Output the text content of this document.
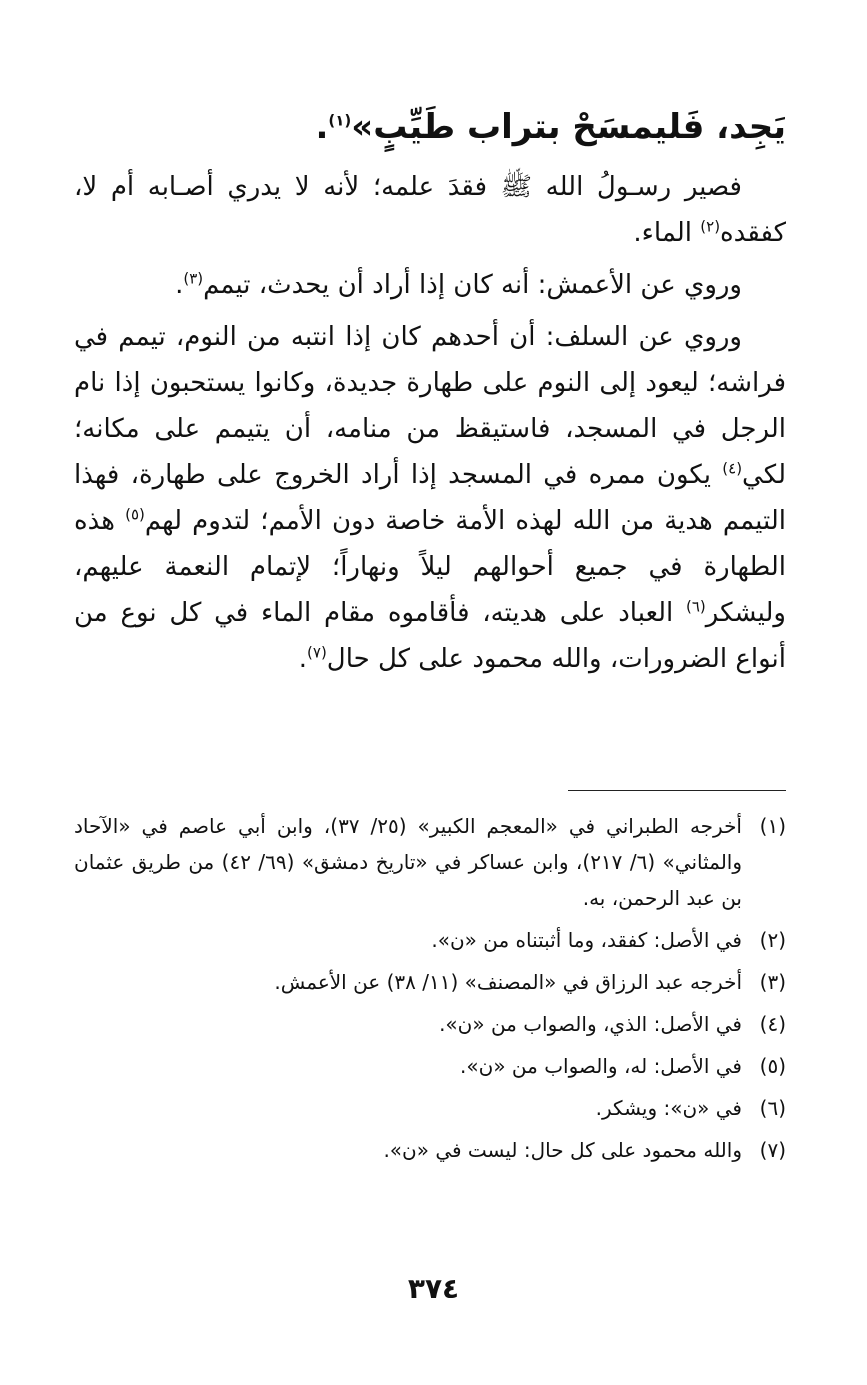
يَجِد، فَليمسَحْ بتراب طَيِّبٍ»$^{(١)}$.

فصير رسـولُ الله ﷺ فقدَ علمه؛ لأنه لا يدري أصـابه أم لا، كفقده$^{(٢)}$ الماء.

وروي عن الأعمش: أنه كان إذا أراد أن يحدث، تيمم$^{(٣)}$.

وروي عن السلف: أن أحدهم كان إذا انتبه من النوم، تيمم في فراشه؛ ليعود إلى النوم على طهارة جديدة، وكانوا يستحبون إذا نام الرجل في المسجد، فاستيقظ من منامه، أن يتيمم على مكانه؛ لكي$^{(٤)}$ يكون ممره في المسجد إذا أراد الخروج على طهارة، فهذا التيمم هدية من الله لهذه الأمة خاصة دون الأمم؛ لتدوم لهم$^{(٥)}$ هذه الطهارة في جميع أحوالهم ليلاً ونهاراً؛ لإتمام النعمة عليهم، وليشكر$^{(٦)}$ العباد على هديته، فأقاموه مقام الماء في كل نوع من أنواع الضرورات، والله محمود على كل حال$^{(٧)}$.

(١)
أخرجه الطبراني في «المعجم الكبير» (٢٥/ ٣٧)، وابن أبي عاصم في «الآحاد والمثاني» (٦/ ٢١٧)، وابن عساكر في «تاريخ دمشق» (٦٩/ ٤٢) من طريق عثمان بن عبد الرحمن، به.
(٢)
في الأصل: كفقد، وما أثبتناه من «ن».
(٣)
أخرجه عبد الرزاق في «المصنف» (١١/ ٣٨) عن الأعمش.
(٤)
في الأصل: الذي، والصواب من «ن».
(٥)
في الأصل: له، والصواب من «ن».
(٦)
في «ن»: ويشكر.
(٧)
والله محمود على كل حال: ليست في «ن».
٣٧٤
